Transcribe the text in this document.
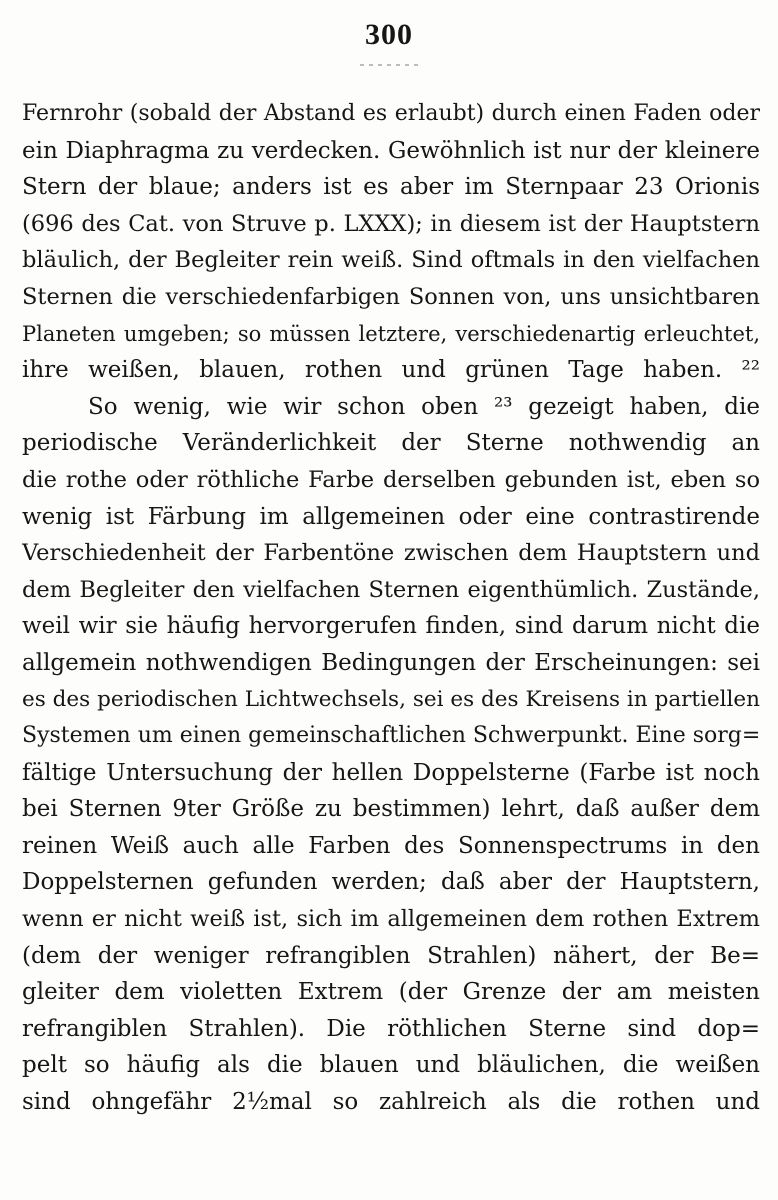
300
Fernrohr (sobald der Abstand es erlaubt) durch einen Faden oder
ein Diaphragma zu verdecken. Gewöhnlich ist nur der kleinere
Stern der blaue; anders ist es aber im Sternpaar 23 Orionis
(696 des Cat. von Struve p. LXXX); in diesem ist der Hauptstern
bläulich, der Begleiter rein weiß. Sind oftmals in den vielfachen
Sternen die verschiedenfarbigen Sonnen von, uns unsichtbaren
Planeten umgeben; so müssen letztere, verschiedenartig erleuchtet,
ihre weißen, blauen, rothen und grünen Tage haben. ²²
So wenig, wie wir schon oben ²³ gezeigt haben, die
periodische Veränderlichkeit der Sterne nothwendig an
die rothe oder röthliche Farbe derselben gebunden ist, eben so
wenig ist Färbung im allgemeinen oder eine contrastirende
Verschiedenheit der Farbentöne zwischen dem Hauptstern und
dem Begleiter den vielfachen Sternen eigenthümlich. Zustände,
weil wir sie häufig hervorgerufen finden, sind darum nicht die
allgemein nothwendigen Bedingungen der Erscheinungen: sei
es des periodischen Lichtwechsels, sei es des Kreisens in partiellen
Systemen um einen gemeinschaftlichen Schwerpunkt. Eine sorg=
fältige Untersuchung der hellen Doppelsterne (Farbe ist noch
bei Sternen 9ter Größe zu bestimmen) lehrt, daß außer dem
reinen Weiß auch alle Farben des Sonnenspectrums in den
Doppelsternen gefunden werden; daß aber der Hauptstern,
wenn er nicht weiß ist, sich im allgemeinen dem rothen Extrem
(dem der weniger refrangiblen Strahlen) nähert, der Be=
gleiter dem violetten Extrem (der Grenze der am meisten
refrangiblen Strahlen). Die röthlichen Sterne sind dop=
pelt so häufig als die blauen und bläulichen, die weißen
sind ohngefähr 2½mal so zahlreich als die rothen und
